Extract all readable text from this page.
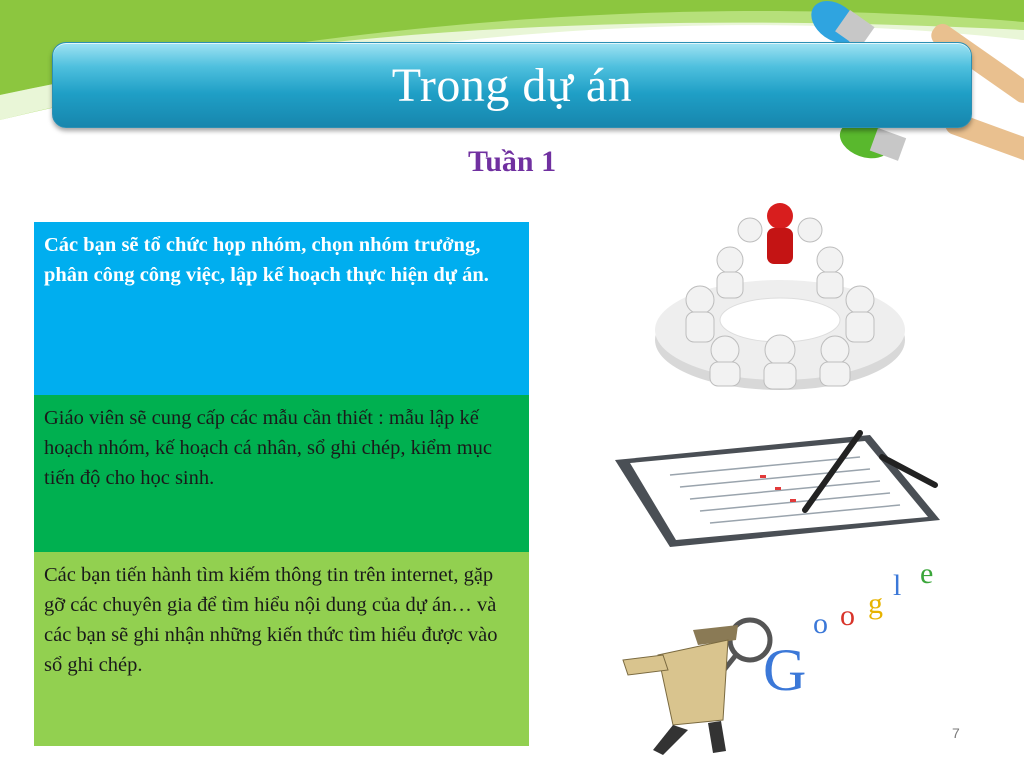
Trong dự án
Tuần 1
Các bạn sẽ tổ chức họp nhóm, chọn nhóm trưởng, phân công công việc, lập kế hoạch thực hiện dự án.
Giáo viên sẽ cung cấp các mẫu cần thiết : mẫu lập kế hoạch nhóm, kế hoạch cá nhân, sổ ghi chép, kiểm mục tiến độ cho học sinh.
Các bạn tiến hành tìm kiếm thông tin trên internet, gặp gỡ các chuyên gia để tìm hiểu nội dung của dự án… và các bạn sẽ ghi nhận những kiến thức tìm hiểu được vào sổ ghi chép.
o o g
l e
G
7
